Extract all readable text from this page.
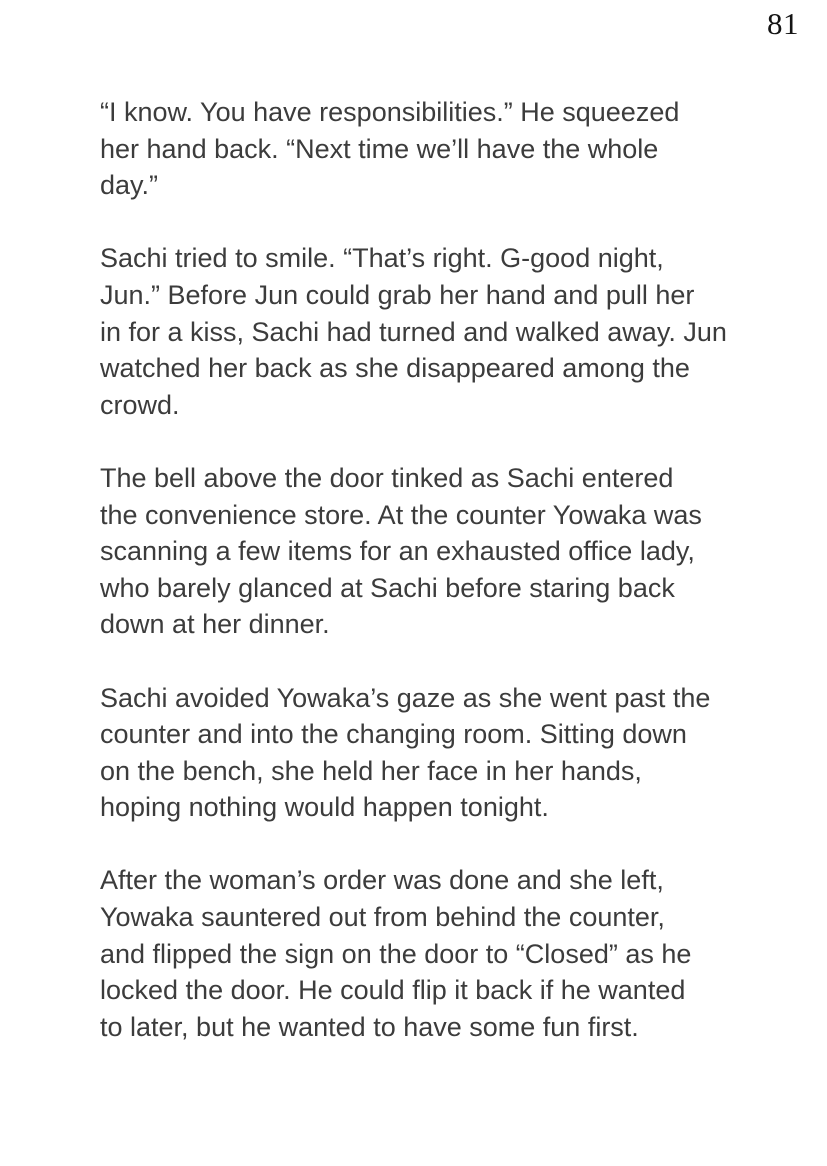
81
“I know. You have responsibilities.” He squeezed
her hand back. “Next time we’ll have the whole
day.”
Sachi tried to smile. “That’s right. G-good night,
Jun.” Before Jun could grab her hand and pull her
in for a kiss, Sachi had turned and walked away. Jun
watched her back as she disappeared among the
crowd.
The bell above the door tinked as Sachi entered
the convenience store. At the counter Yowaka was
scanning a few items for an exhausted office lady,
who barely glanced at Sachi before staring back
down at her dinner.
Sachi avoided Yowaka’s gaze as she went past the
counter and into the changing room. Sitting down
on the bench, she held her face in her hands,
hoping nothing would happen tonight.
After the woman’s order was done and she left,
Yowaka sauntered out from behind the counter,
and flipped the sign on the door to “Closed” as he
locked the door. He could flip it back if he wanted
to later, but he wanted to have some fun first.
